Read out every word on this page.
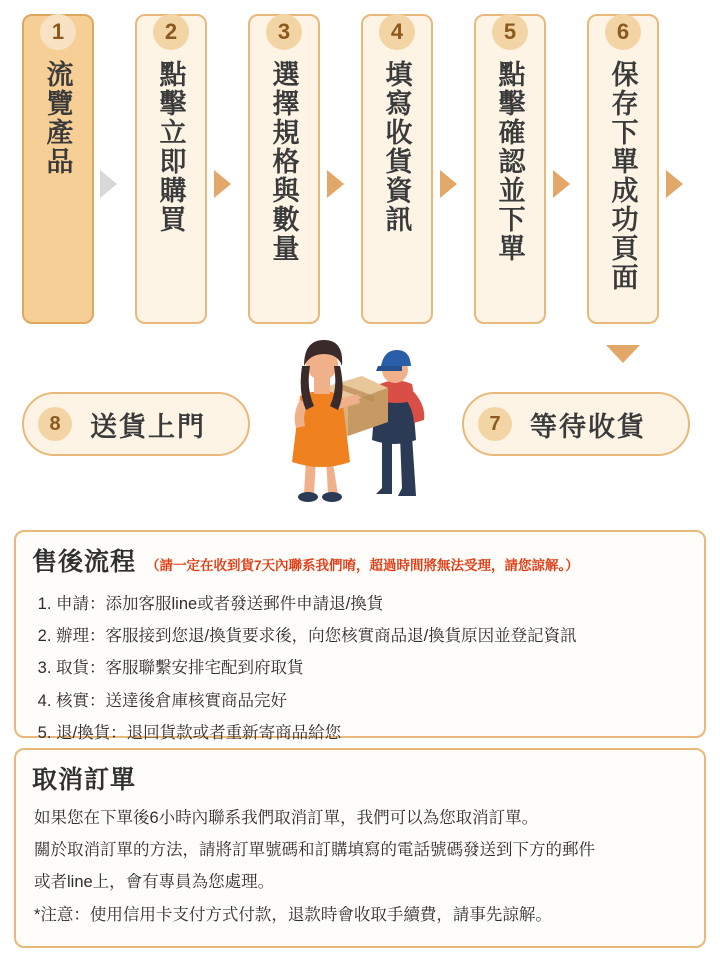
1
流覽產品
2
點擊立即購買
3
選擇規格與數量
4
填寫收貨資訊
5
點擊確認並下單
6
保存下單成功頁面
8	送貨上門	7	等待收貨
售後流程 （請一定在收到貨7天內聯系我們唷，超過時間將無法受理，請您諒解。）
1. 申請：添加客服line或者發送郵件申請退/換貨
2. 辦理：客服接到您退/換貨要求後，向您核實商品退/換貨原因並登記資訊
3. 取貨：客服聯繫安排宅配到府取貨
4. 核實：送達後倉庫核實商品完好
5. 退/換貨：退回貨款或者重新寄商品給您
取消訂單

如果您在下單後6小時內聯系我們取消訂單，我們可以為您取消訂單。

關於取消訂單的方法，請將訂單號碼和訂購填寫的電話號碼發送到下方的郵件

或者line上，會有專員為您處理。

*注意：使用信用卡支付方式付款，退款時會收取手續費，請事先諒解。
